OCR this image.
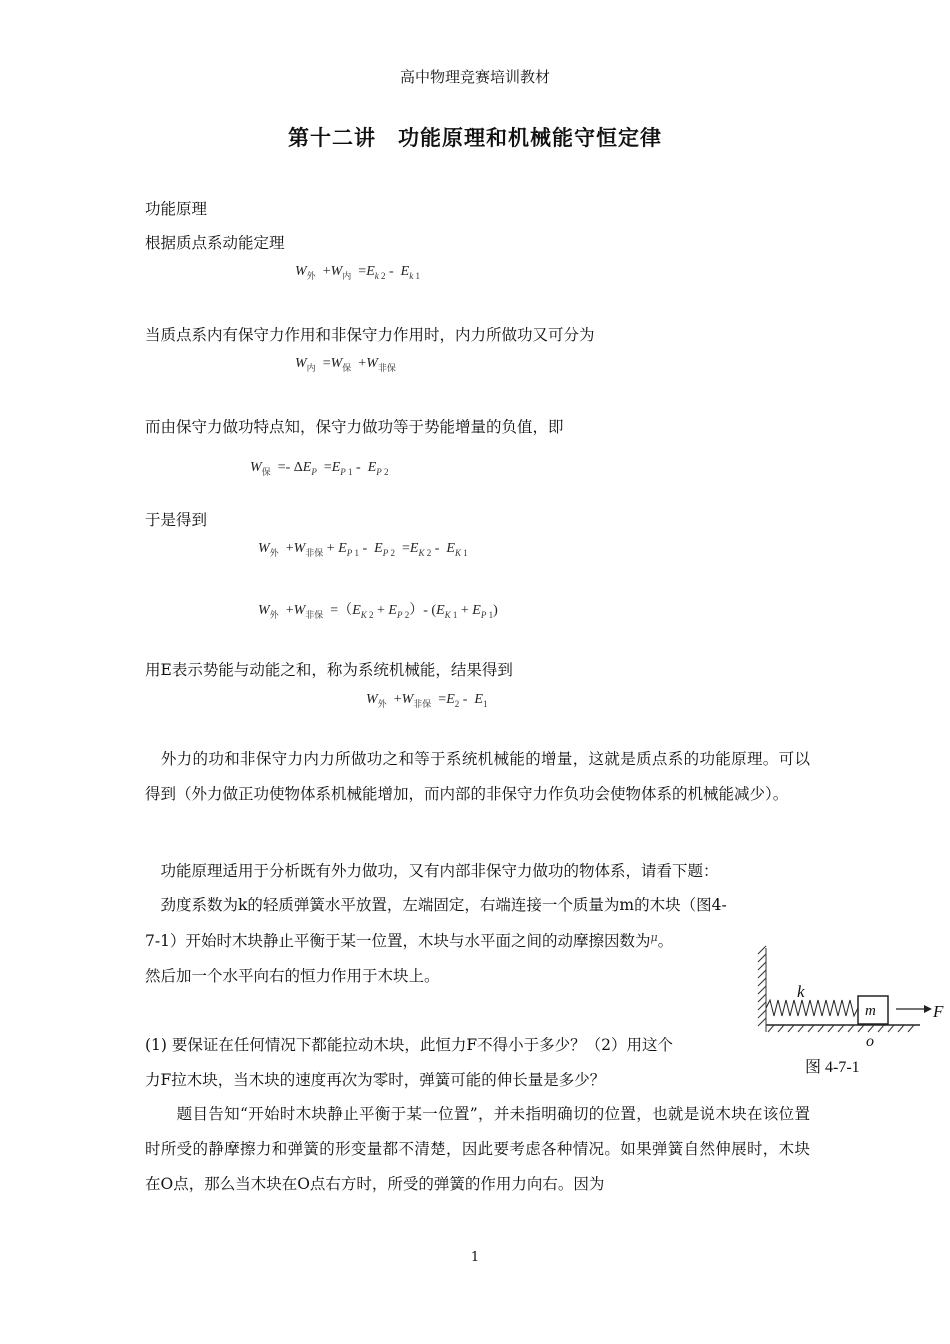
高中物理竞赛培训教材
第十二讲　功能原理和机械能守恒定律
功能原理
根据质点系动能定理
$W_外 +W_内 =E_{k 2} - E_{k 1}$
当质点系内有保守力作用和非保守力作用时，内力所做功又可分为
$W_内 =W_保 +W_{非保}$
而由保守力做功特点知，保守力做功等于势能增量的负值，即
$W_保 =- \Delta E_P =E_{P 1} - E_{P 2}$
于是得到
$W_外 +W_{非保} + E_{P 1} - E_{P 2} =E_{K 2} - E_{K 1}$
$W_外 +W_{非保} =(E_{K 2} + E_{P 2})-$ $(E_{K 1} + E_{P 1})$
用E表示势能与动能之和，称为系统机械能，结果得到
$W_外 +W_{非保} =E_2 - E_1$
　外力的功和非保守力内力所做功之和等于系统机械能的增量，这就是质点系的功能原理。可以得到（外力做正功使物体系机械能增加，而内部的非保守力作负功会使物体系的机械能减少）。
　功能原理适用于分析既有外力做功，又有内部非保守力做功的物体系，请看下题：
　劲度系数为k的轻质弹簧水平放置，左端固定，右端连接一个质量为m的木块（图4-
7-1）开始时木块静止平衡于某一位置，木块与水平面之间的动摩擦因数为$^\mu$。
然后加一个水平向右的恒力作用于木块上。
(1) 要保证在任何情况下都能拉动木块，此恒力F不得小于多少？（2）用这个
力F拉木块，当木块的速度再次为零时，弹簧可能的伸长量是多少？
　　题目告知“开始时木块静止平衡于某一位置”，并未指明确切的位置，也就是说木块在该位置时所受的静摩擦力和弹簧的形变量都不清楚，因此要考虑各种情况。如果弹簧自然伸展时，木块在O点，那么当木块在O点右方时，所受的弹簧的作用力向右。因为
k
m	F
o
图 4-7-1
1
